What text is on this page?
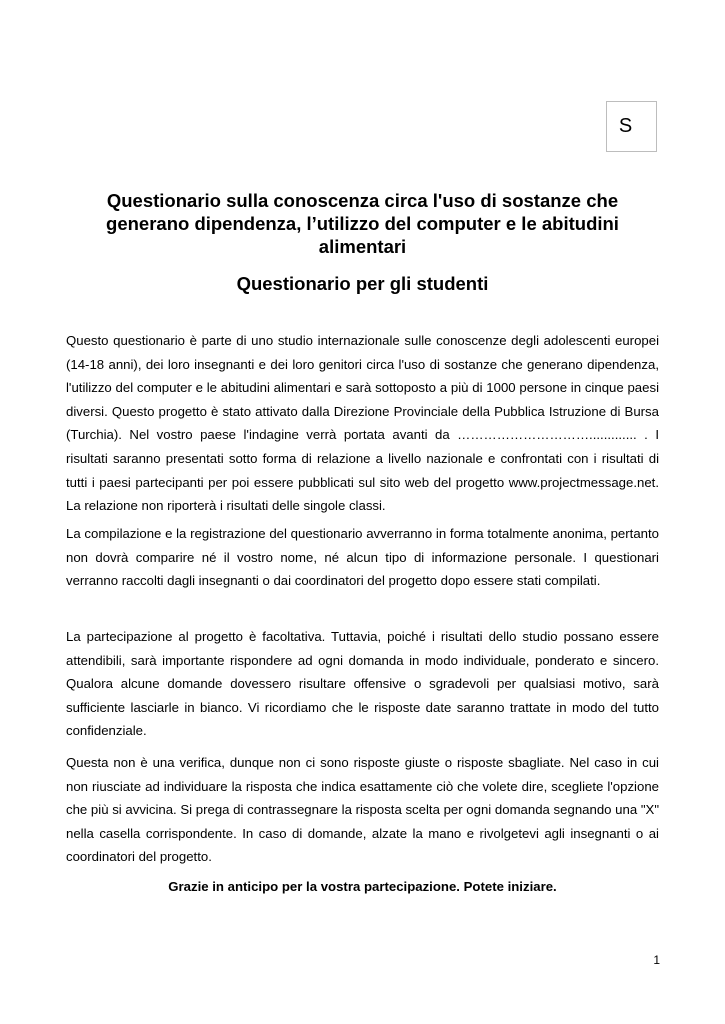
S
Questionario sulla conoscenza circa l'uso di sostanze che generano dipendenza, l’utilizzo del computer e le abitudini alimentari
Questionario per gli studenti

Questo questionario è parte di uno studio internazionale sulle conoscenze degli adolescenti europei (14-18 anni), dei loro insegnanti e dei loro genitori circa l'uso di sostanze che generano dipendenza, l'utilizzo del computer e le abitudini alimentari e sarà sottoposto a più di 1000 persone in cinque paesi diversi. Questo progetto è stato attivato dalla Direzione Provinciale della Pubblica Istruzione di Bursa (Turchia). Nel vostro paese l'indagine verrà portata avanti da …………………………............. . I risultati saranno presentati sotto forma di relazione a livello nazionale e confrontati con i risultati di tutti i paesi partecipanti per poi essere pubblicati sul sito web del progetto www.projectmessage.net. La relazione non riporterà i risultati delle singole classi.

La compilazione e la registrazione del questionario avverranno in forma totalmente anonima, pertanto non dovrà comparire né il vostro nome, né alcun tipo di informazione personale. I questionari verranno raccolti dagli insegnanti o dai coordinatori del progetto dopo essere stati compilati.

La partecipazione al progetto è facoltativa. Tuttavia, poiché i risultati dello studio possano essere attendibili, sarà importante rispondere ad ogni domanda in modo individuale, ponderato e sincero. Qualora alcune domande dovessero risultare offensive o sgradevoli per qualsiasi motivo, sarà sufficiente lasciarle in bianco. Vi ricordiamo che le risposte date saranno trattate in modo del tutto confidenziale.

Questa non è una verifica, dunque non ci sono risposte giuste o risposte sbagliate. Nel caso in cui non riusciate ad individuare la risposta che indica esattamente ciò che volete dire, scegliete l'opzione che più si avvicina. Si prega di contrassegnare la risposta scelta per ogni domanda segnando una "X" nella casella corrispondente. In caso di domande, alzate la mano e rivolgetevi agli insegnanti o ai coordinatori del progetto.

Grazie in anticipo per la vostra partecipazione. Potete iniziare.

1
